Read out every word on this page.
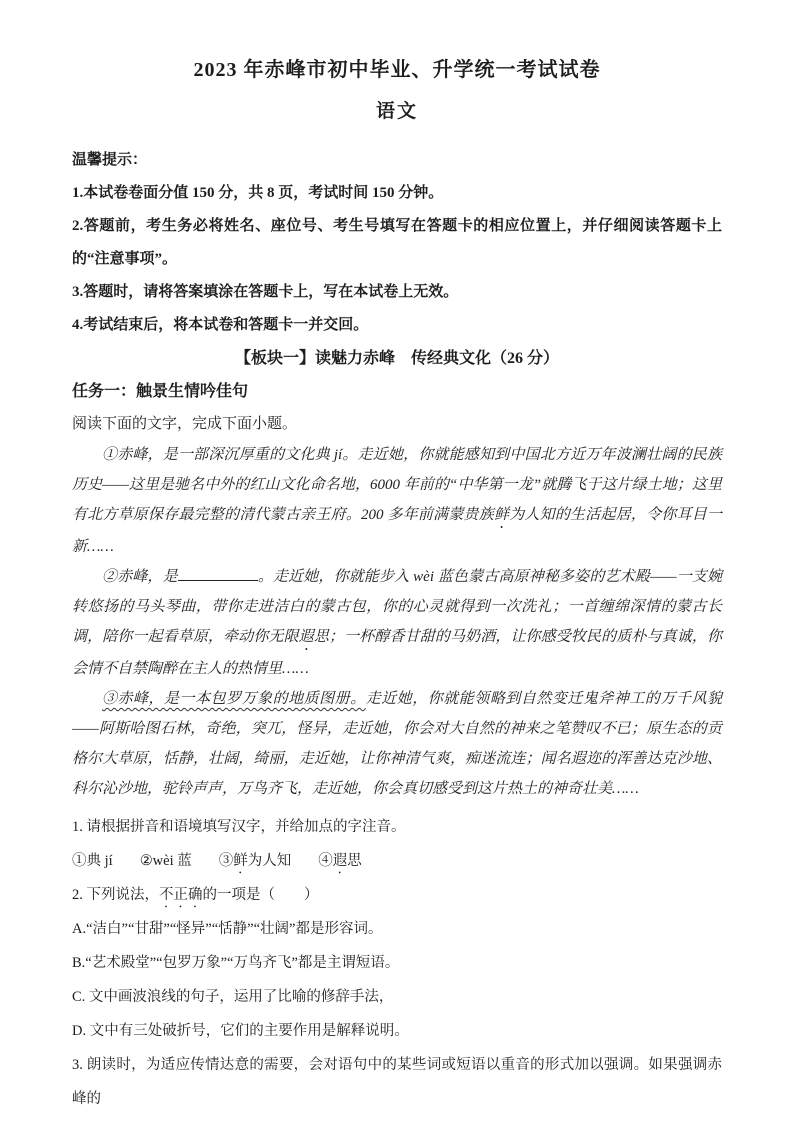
2023 年赤峰市初中毕业、升学统一考试试卷
语文

温馨提示：

1.本试卷卷面分值 150 分，共 8 页，考试时间 150 分钟。

2.答题前，考生务必将姓名、座位号、考生号填写在答题卡的相应位置上，并仔细阅读答题卡上的“注意事项”。

3.答题时，请将答案填涂在答题卡上，写在本试卷上无效。

4.考试结束后，将本试卷和答题卡一并交回。

【板块一】读魅力赤峰　传经典文化（26 分）

任务一：触景生情吟佳句

阅读下面的文字，完成下面小题。

①赤峰，是一部深沉厚重的文化典 jí。走近她，你就能感知到中国北方近万年波澜壮阔的民族历史——这里是驰名中外的红山文化命名地，6000 年前的“中华第一龙”就腾飞于这片绿土地；这里有北方草原保存最完整的清代蒙古亲王府。200 多年前满蒙贵族鲜为人知的生活起居，令你耳目一新……

②赤峰，是	。走近她，你就能步入 wèi 蓝色蒙古高原神秘多姿的艺术殿——一支婉转悠扬的马头琴曲，带你走进洁白的蒙古包，你的心灵就得到一次洗礼；一首缠绵深情的蒙古长调，陪你一起看草原，牵动你无限遐思；一杯醇香甘甜的马奶酒，让你感受牧民的质朴与真诚，你会情不自禁陶醉在主人的热情里……

③赤峰，是一本包罗万象的地质图册。走近她，你就能领略到自然变迁鬼斧神工的万千风貌——阿斯哈图石林，奇绝，突兀，怪异，走近她，你会对大自然的神来之笔赞叹不已；原生态的贡格尔大草原，恬静，壮阔，绮丽，走近她，让你神清气爽，痴迷流连；闻名遐迩的浑善达克沙地、科尔沁沙地，驼铃声声，万鸟齐飞，走近她，你会真切感受到这片热土的神奇壮美……

1. 请根据拼音和语境填写汉字，并给加点的字注音。

①典 jí ②wèi 蓝 ③鲜为人知 ④遐思

2. 下列说法，不正确的一项是（　　）

A.“洁白”“甘甜”“怪异”“恬静”“壮阔”都是形容词。

B.“艺术殿堂”“包罗万象”“万鸟齐飞”都是主谓短语。

C. 文中画波浪线的句子，运用了比喻的修辞手法，

D. 文中有三处破折号，它们的主要作用是解释说明。

3. 朗读时，为适应传情达意的需要，会对语句中的某些词或短语以重音的形式加以强调。如果强调赤峰的
